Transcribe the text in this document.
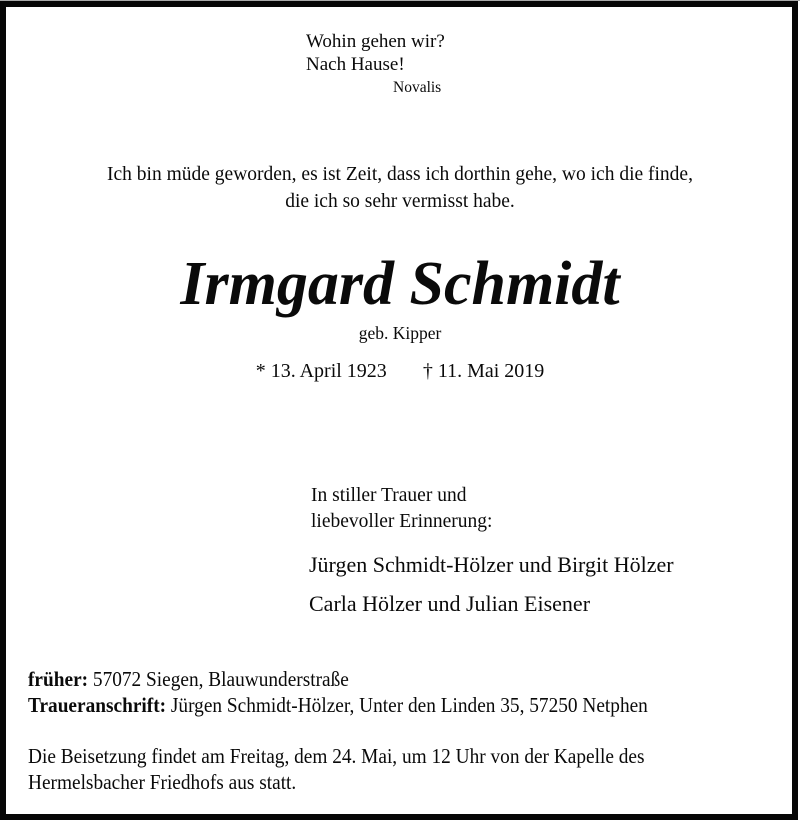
Wohin gehen wir?
Nach Hause!
Novalis
Ich bin müde geworden, es ist Zeit, dass ich dorthin gehe, wo ich die finde,
die ich so sehr vermisst habe.
Irmgard Schmidt
geb. Kipper
* 13. April 1923 † 11. Mai 2019
In stiller Trauer und
liebevoller Erinnerung:
Jürgen Schmidt-Hölzer und Birgit Hölzer
Carla Hölzer und Julian Eisener
früher: 57072 Siegen, Blauwunderstraße
Traueranschrift: Jürgen Schmidt-Hölzer, Unter den Linden 35, 57250 Netphen
Die Beisetzung findet am Freitag, dem 24. Mai, um 12 Uhr von der Kapelle des
Hermelsbacher Friedhofs aus statt.
